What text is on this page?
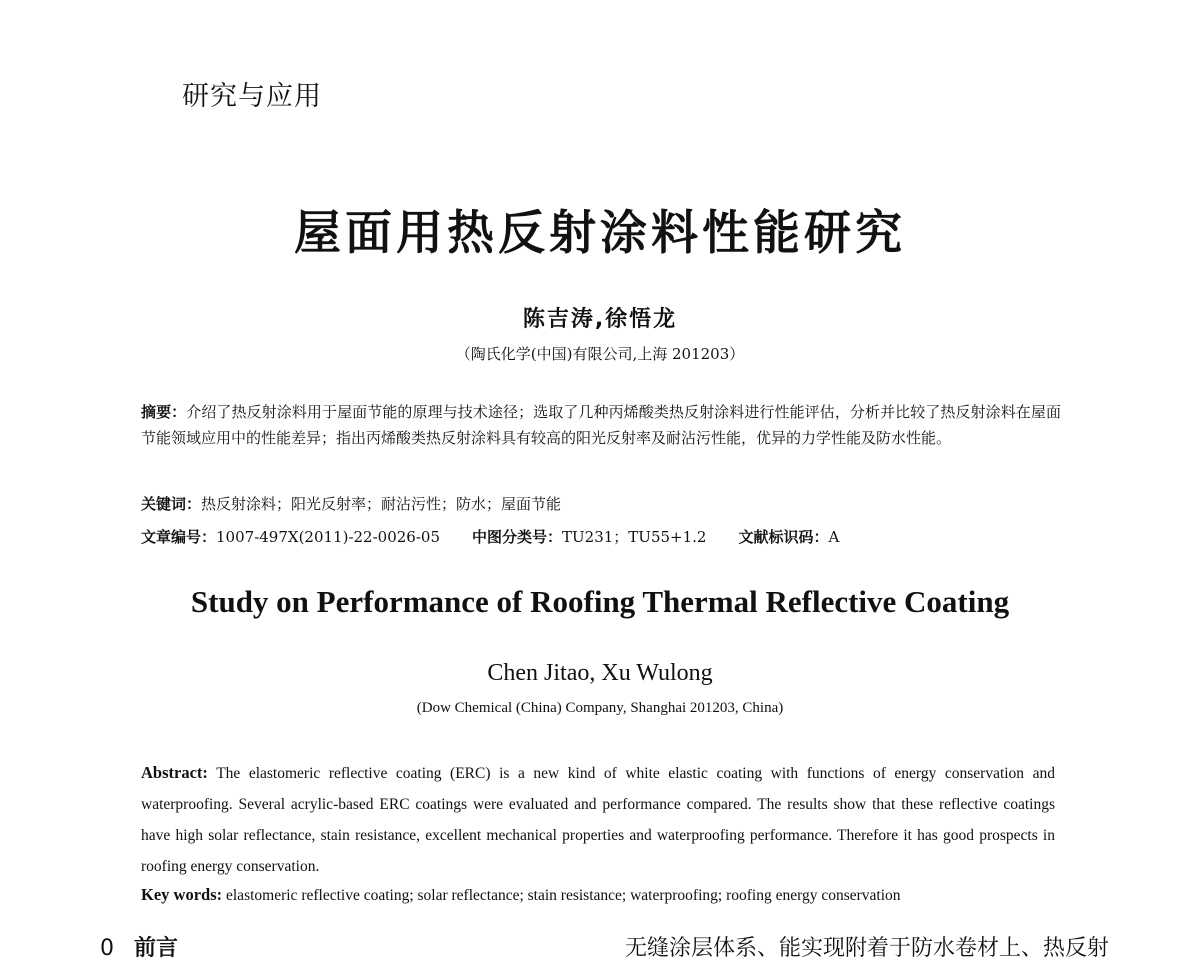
研究与应用
屋面用热反射涂料性能研究
陈吉涛,徐悟龙
（陶氏化学(中国)有限公司,上海 201203）
摘要：介绍了热反射涂料用于屋面节能的原理与技术途径；选取了几种丙烯酸类热反射涂料进行性能评估，分析并比较了热反射涂料在屋面节能领域应用中的性能差异；指出丙烯酸类热反射涂料具有较高的阳光反射率及耐沾污性能，优异的力学性能及防水性能。
关键词：热反射涂料；阳光反射率；耐沾污性；防水；屋面节能
文章编号：1007-497X(2011)-22-0026-05 中图分类号：TU231；TU55+1.2 文献标识码：A
Study on Performance of Roofing Thermal Reflective Coating
Chen Jitao, Xu Wulong
(Dow Chemical (China) Company, Shanghai 201203, China)
Abstract: The elastomeric reflective coating (ERC) is a new kind of white elastic coating with functions of energy conservation and waterproofing. Several acrylic-based ERC coatings were evaluated and performance compared. The results show that these reflective coatings have high solar reflectance, stain resistance, excellent mechanical properties and waterproofing performance. Therefore it has good prospects in roofing energy conservation.
Key words: elastomeric reflective coating; solar reflectance; stain resistance; waterproofing; roofing energy conservation
0 前言	无缝涂层体系、能实现附着于防水卷材上、热反射
